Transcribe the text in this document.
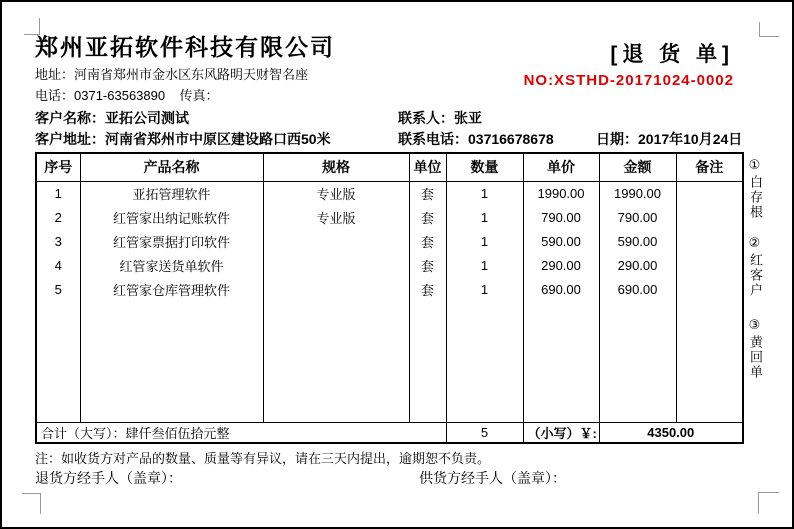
郑州亚拓软件科技有限公司
地址：河南省郑州市金水区东风路明天财智名座
电话：0371-63563890    传真：
[退 货 单]
NO:XSTHD-20171024-0002
客户名称：亚拓公司测试	联系人：张亚
客户地址：河南省郑州市中原区建设路口西50米	联系电话：03716678678	日期：2017年10月24日
序号	产品名称	规格	单位	数量	单价	金额	备注
1	亚拓管理软件	专业版	套	1	1990.00	1990.00	
2	红管家出纳记账软件	专业版	套	1	790.00	790.00	
3	红管家票据打印软件		套	1	590.00	590.00	
4	红管家送货单软件		套	1	290.00	290.00	
5	红管家仓库管理软件		套	1	690.00	690.00	

合计（大写）：肆仟叁佰伍拾元整				5	（小写）￥:	4350.00	
①白存根
②红客户
③黄回单
注：如收货方对产品的数量、质量等有异议，请在三天内提出，逾期恕不负责。
退货方经手人（盖章）：	供货方经手人（盖章）：
